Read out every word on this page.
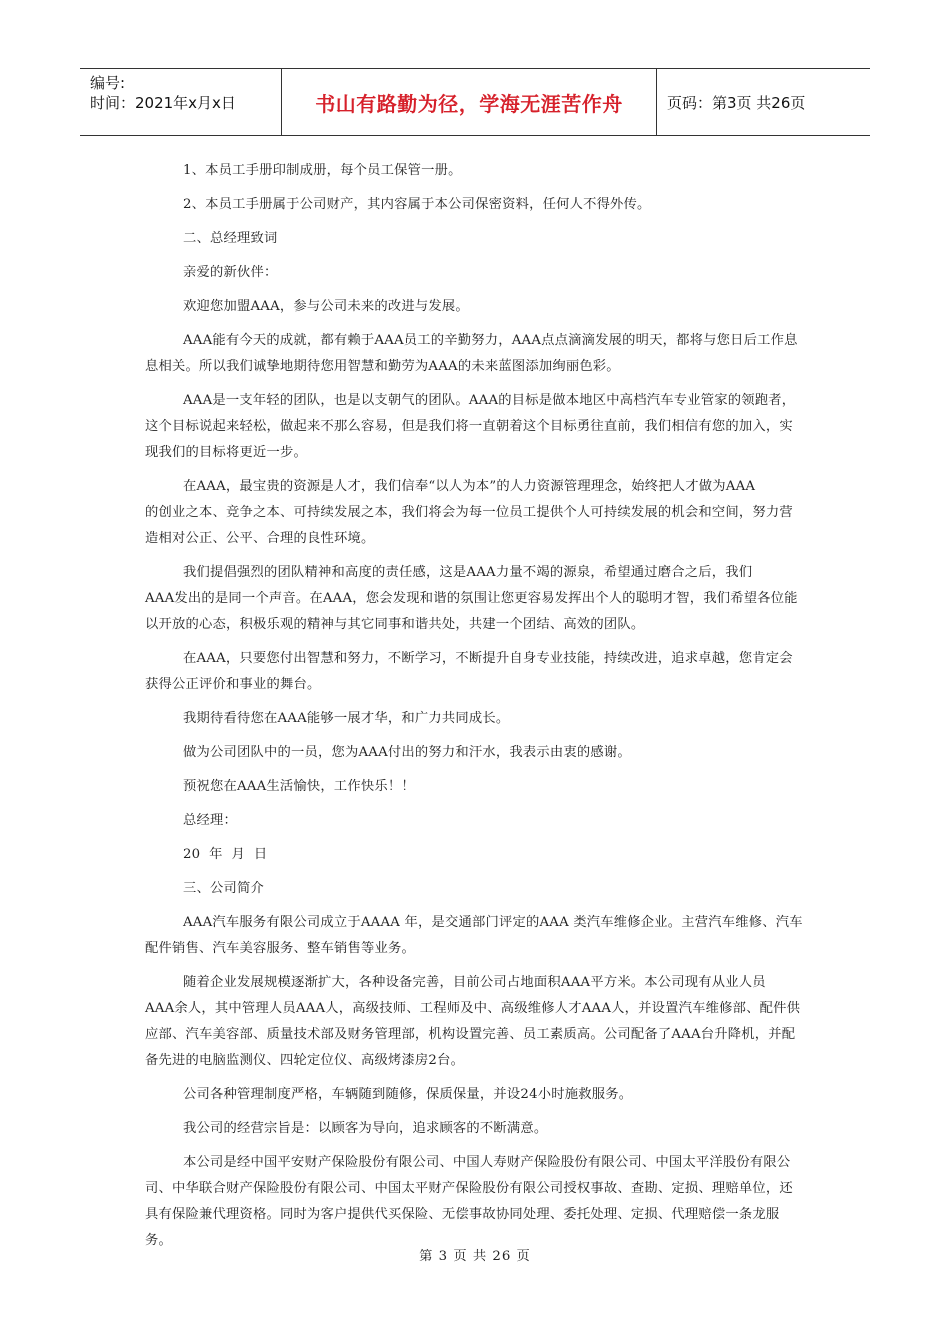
编号:
时间：2021年x月x日	书山有路勤为径，学海无涯苦作舟	页码：第3页 共26页

1、本员工手册印制成册，每个员工保管一册。

2、本员工手册属于公司财产，其内容属于本公司保密资料，任何人不得外传。

二、总经理致词

亲爱的新伙伴：

欢迎您加盟AAA，参与公司未来的改进与发展。

AAA能有今天的成就，都有赖于AAA员工的辛勤努力，AAA点点滴滴发展的明天，都将与您日后工作息息相关。所以我们诚挚地期待您用智慧和勤劳为AAA的未来蓝图添加绚丽色彩。

AAA是一支年轻的团队，也是以支朝气的团队。AAA的目标是做本地区中高档汽车专业管家的领跑者，这个目标说起来轻松，做起来不那么容易，但是我们将一直朝着这个目标勇往直前，我们相信有您的加入，实现我们的目标将更近一步。

在AAA，最宝贵的资源是人才，我们信奉“以人为本”的人力资源管理理念，始终把人才做为AAA

的创业之本、竞争之本、可持续发展之本，我们将会为每一位员工提供个人可持续发展的机会和空间，努力营造相对公正、公平、合理的良性环境。

我们提倡强烈的团队精神和高度的责任感，这是AAA力量不竭的源泉，希望通过磨合之后，我们

AAA发出的是同一个声音。在AAA，您会发现和谐的氛围让您更容易发挥出个人的聪明才智，我们希望各位能以开放的心态，积极乐观的精神与其它同事和谐共处，共建一个团结、高效的团队。

在AAA，只要您付出智慧和努力，不断学习，不断提升自身专业技能，持续改进，追求卓越，您肯定会获得公正评价和事业的舞台。

我期待看待您在AAA能够一展才华，和广力共同成长。

做为公司团队中的一员，您为AAA付出的努力和汗水，我表示由衷的感谢。

预祝您在AAA生活愉快，工作快乐！！

总经理：

20  年  月  日

三、公司简介

AAA汽车服务有限公司成立于AAAA 年，是交通部门评定的AAA 类汽车维修企业。主营汽车维修、汽车配件销售、汽车美容服务、整车销售等业务。

随着企业发展规模逐渐扩大，各种设备完善，目前公司占地面积AAA平方米。本公司现有从业人员

AAA余人，其中管理人员AAA人，高级技师、工程师及中、高级维修人才AAA人，并设置汽车维修部、配件供应部、汽车美容部、质量技术部及财务管理部，机构设置完善、员工素质高。公司配备了AAA台升降机，并配备先进的电脑监测仪、四轮定位仪、高级烤漆房2台。

公司各种管理制度严格，车辆随到随修，保质保量，并设24小时施救服务。

我公司的经营宗旨是：以顾客为导向，追求顾客的不断满意。

本公司是经中国平安财产保险股份有限公司、中国人寿财产保险股份有限公司、中国太平洋股份有限公司、中华联合财产保险股份有限公司、中国太平财产保险股份有限公司授权事故、查勘、定损、理赔单位，还具有保险兼代理资格。同时为客户提供代买保险、无偿事故协同处理、委托处理、定损、代理赔偿一条龙服务。

第 3 页 共 26 页
